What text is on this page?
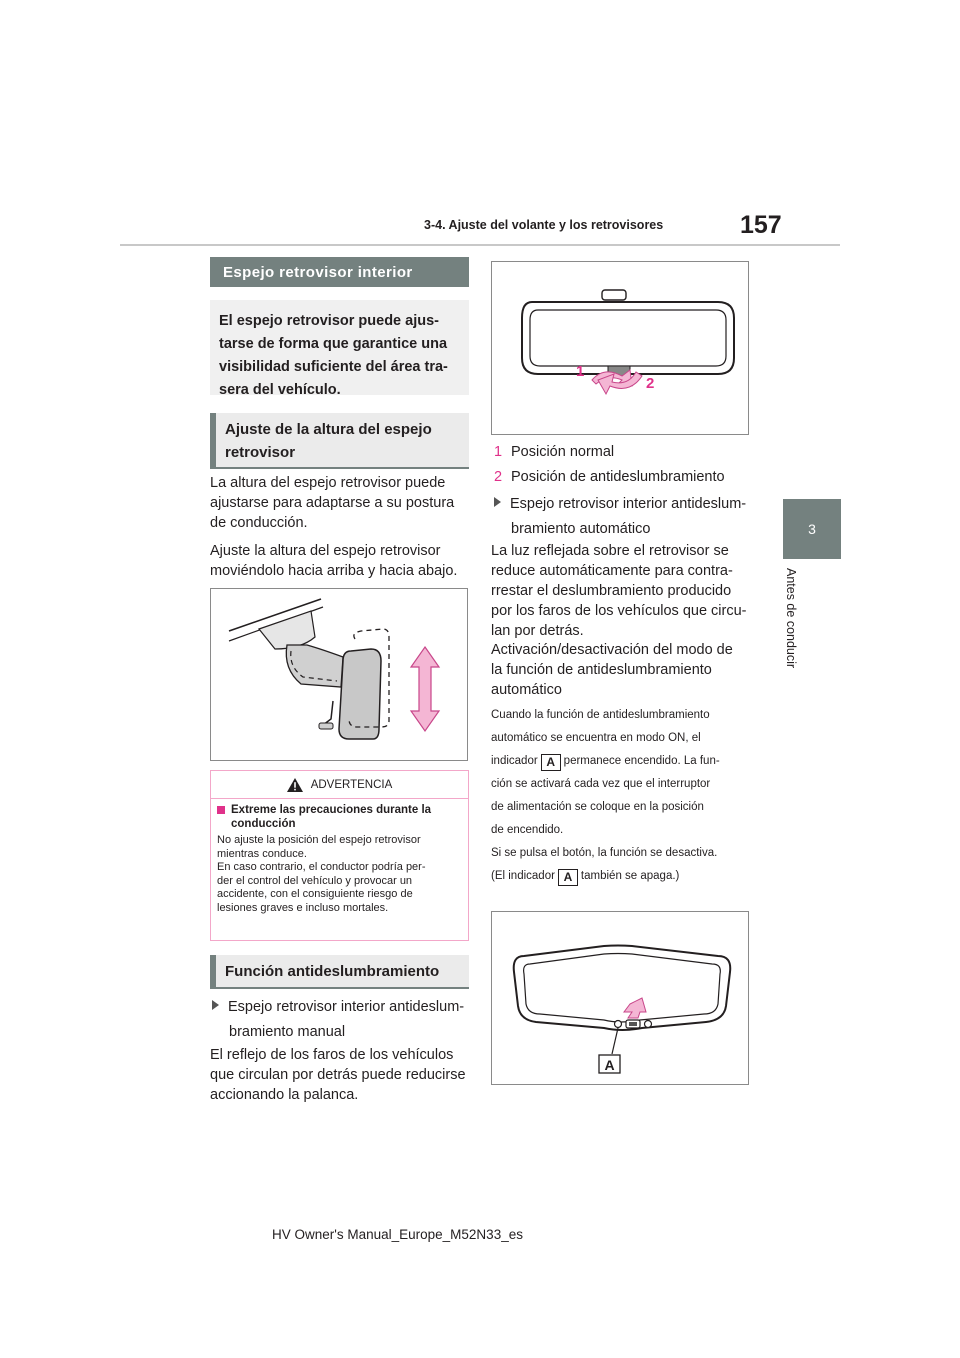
3-4. Ajuste del volante y los retrovisores	157
3
Antes de conducir
Espejo retrovisor interior
El espejo retrovisor puede ajus-
tarse de forma que garantice una
visibilidad suficiente del área tra-
sera del vehículo.
Ajuste de la altura del espejo
retrovisor
La altura del espejo retrovisor puede
ajustarse para adaptarse a su postura
de conducción.
Ajuste la altura del espejo retrovisor
moviéndolo hacia arriba y hacia abajo.
ADVERTENCIA
Extreme las precauciones durante la conducción
No ajuste la posición del espejo retrovisor
mientras conduce.
En caso contrario, el conductor podría per-
der el control del vehículo y provocar un
accidente, con el consiguiente riesgo de
lesiones graves e incluso mortales.
Función antideslumbramiento
Espejo retrovisor interior antideslum-
bramiento manual
El reflejo de los faros de los vehículos
que circulan por detrás puede reducirse
accionando la palanca.
1
2
1 Posición normal
2 Posición de antideslumbramiento
Espejo retrovisor interior antideslum-
bramiento automático
La luz reflejada sobre el retrovisor se
reduce automáticamente para contra-
rrestar el deslumbramiento producido
por los faros de los vehículos que circu-
lan por detrás.
Activación/desactivación del modo de
la función de antideslumbramiento
automático
Cuando la función de antideslumbramiento
automático se encuentra en modo ON, el
indicador A permanece encendido. La fun-
ción se activará cada vez que el interruptor
de alimentación se coloque en la posición
de encendido.
Si se pulsa el botón, la función se desactiva.
(El indicador A también se apaga.)
A
HV Owner's Manual_Europe_M52N33_es
